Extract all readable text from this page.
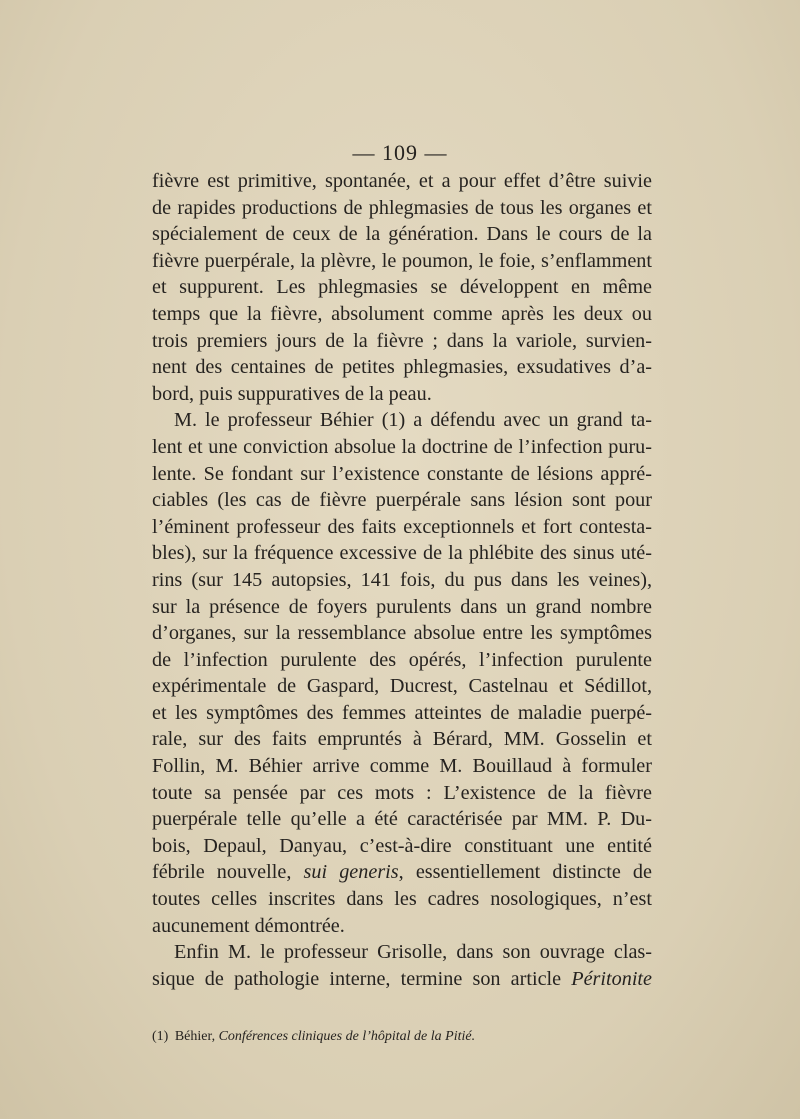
— 109 —
fièvre est primitive, spontanée, et a pour effet d’être suivie
de rapides productions de phlegmasies de tous les organes et
spécialement de ceux de la génération. Dans le cours de la
fièvre puerpérale, la plèvre, le poumon, le foie, s’enflamment
et suppurent. Les phlegmasies se développent en même
temps que la fièvre, absolument comme après les deux ou
trois premiers jours de la fièvre ; dans la variole, survien-
nent des centaines de petites phlegmasies, exsudatives d’a-
bord, puis suppuratives de la peau.
M. le professeur Béhier (1) a défendu avec un grand ta-
lent et une conviction absolue la doctrine de l’infection puru-
lente. Se fondant sur l’existence constante de lésions appré-
ciables (les cas de fièvre puerpérale sans lésion sont pour
l’éminent professeur des faits exceptionnels et fort contesta-
bles), sur la fréquence excessive de la phlébite des sinus uté-
rins (sur 145 autopsies, 141 fois, du pus dans les veines),
sur la présence de foyers purulents dans un grand nombre
d’organes, sur la ressemblance absolue entre les symptômes
de l’infection purulente des opérés, l’infection purulente
expérimentale de Gaspard, Ducrest, Castelnau et Sédillot,
et les symptômes des femmes atteintes de maladie puerpé-
rale, sur des faits empruntés à Bérard, MM. Gosselin et
Follin, M. Béhier arrive comme M. Bouillaud à formuler
toute sa pensée par ces mots : L’existence de la fièvre
puerpérale telle qu’elle a été caractérisée par MM. P. Du-
bois, Depaul, Danyau, c’est-à-dire constituant une entité
fébrile nouvelle, sui generis, essentiellement distincte de
toutes celles inscrites dans les cadres nosologiques, n’est
aucunement démontrée.
Enfin M. le professeur Grisolle, dans son ouvrage clas-
sique de pathologie interne, termine son article Péritonite
(1) Béhier, Conférences cliniques de l’hôpital de la Pitié.
